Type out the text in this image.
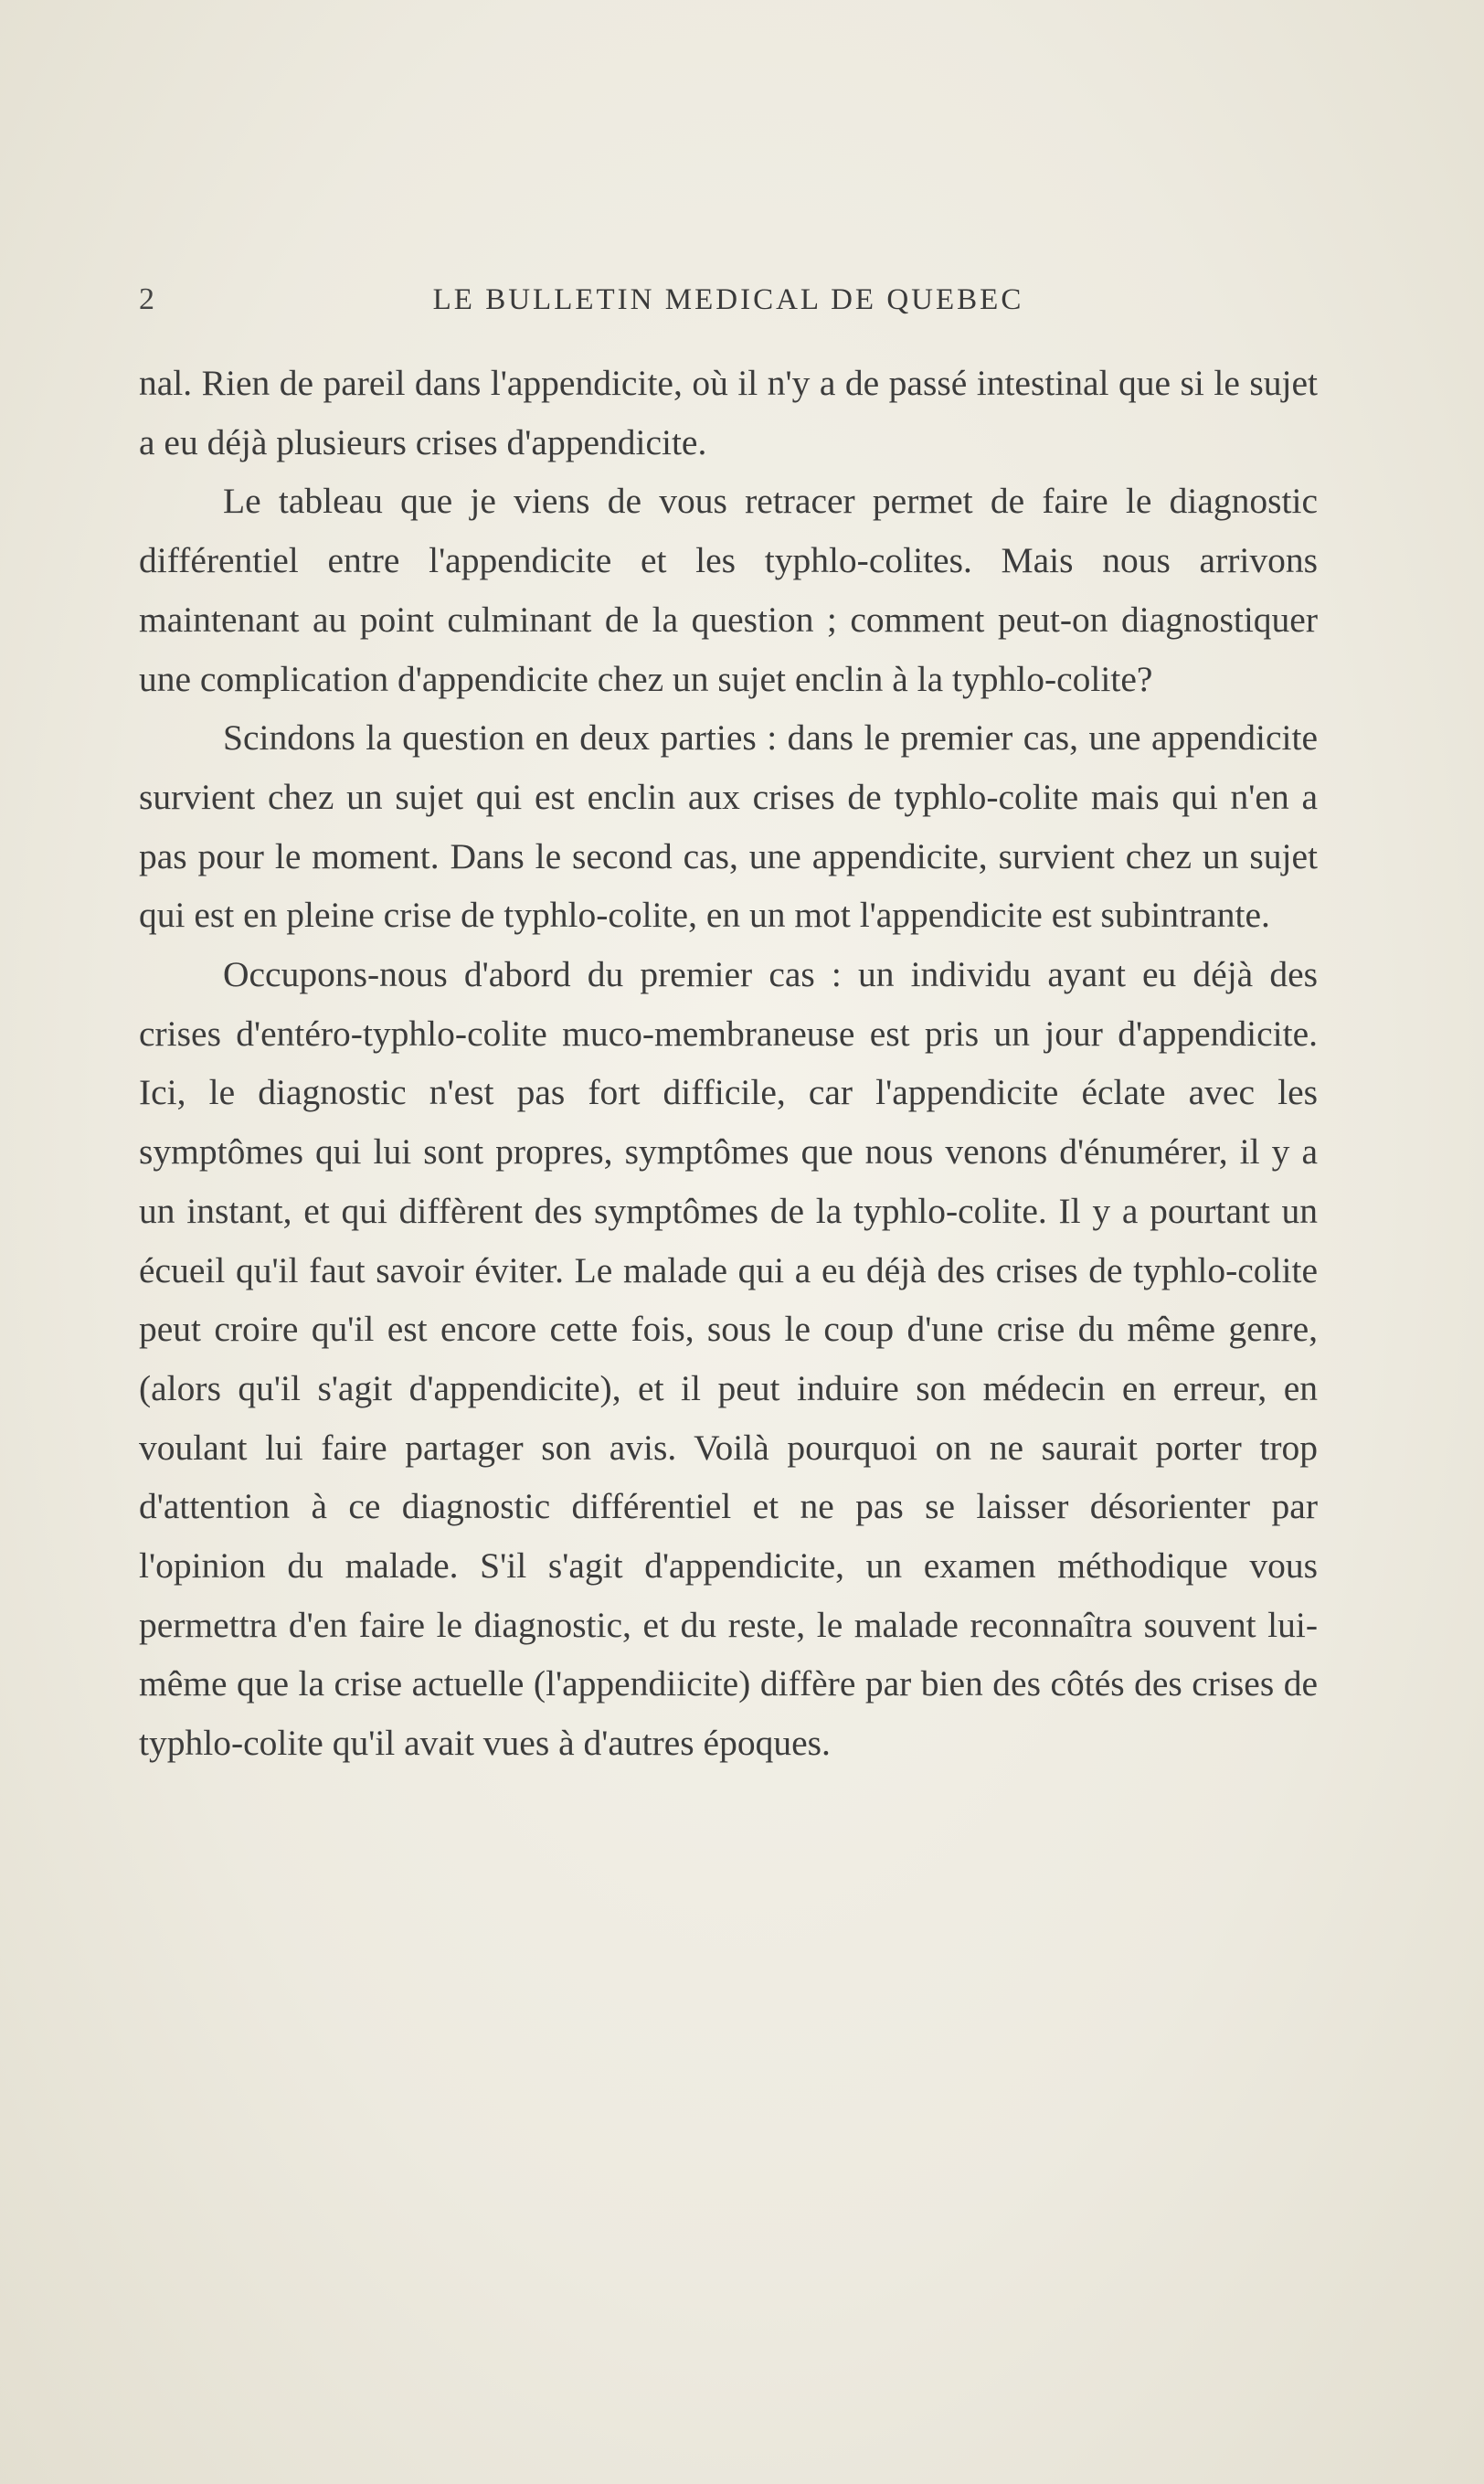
2	LE BULLETIN MEDICAL DE QUEBEC

nal. Rien de pareil dans l'appendicite, où il n'y a de passé intestinal que si le sujet a eu déjà plusieurs crises d'appendicite.

Le tableau que je viens de vous retracer permet de faire le diagnostic différentiel entre l'appendicite et les typhlo-colites. Mais nous arrivons maintenant au point culminant de la question ; comment peut-on diagnostiquer une complication d'appendicite chez un sujet enclin à la typhlo-colite?

Scindons la question en deux parties : dans le premier cas, une appendicite survient chez un sujet qui est enclin aux crises de typhlo-colite mais qui n'en a pas pour le moment. Dans le second cas, une appendicite, survient chez un sujet qui est en pleine crise de typhlo-colite, en un mot l'appendicite est subintrante.

Occupons-nous d'abord du premier cas : un individu ayant eu déjà des crises d'entéro-typhlo-colite muco-membraneuse est pris un jour d'appendicite. Ici, le diagnostic n'est pas fort difficile, car l'appendicite éclate avec les symptômes qui lui sont propres, symptômes que nous venons d'énumérer, il y a un instant, et qui diffèrent des symptômes de la typhlo-colite. Il y a pourtant un écueil qu'il faut savoir éviter. Le malade qui a eu déjà des crises de typhlo-colite peut croire qu'il est encore cette fois, sous le coup d'une crise du même genre, (alors qu'il s'agit d'appendicite), et il peut induire son médecin en erreur, en voulant lui faire partager son avis. Voilà pourquoi on ne saurait porter trop d'attention à ce diagnostic différentiel et ne pas se laisser désorienter par l'opinion du malade. S'il s'agit d'appendicite, un examen méthodique vous permettra d'en faire le diagnostic, et du reste, le malade reconnaîtra souvent lui-même que la crise actuelle (l'appendiicite) diffère par bien des côtés des crises de typhlo-colite qu'il avait vues à d'autres époques.
